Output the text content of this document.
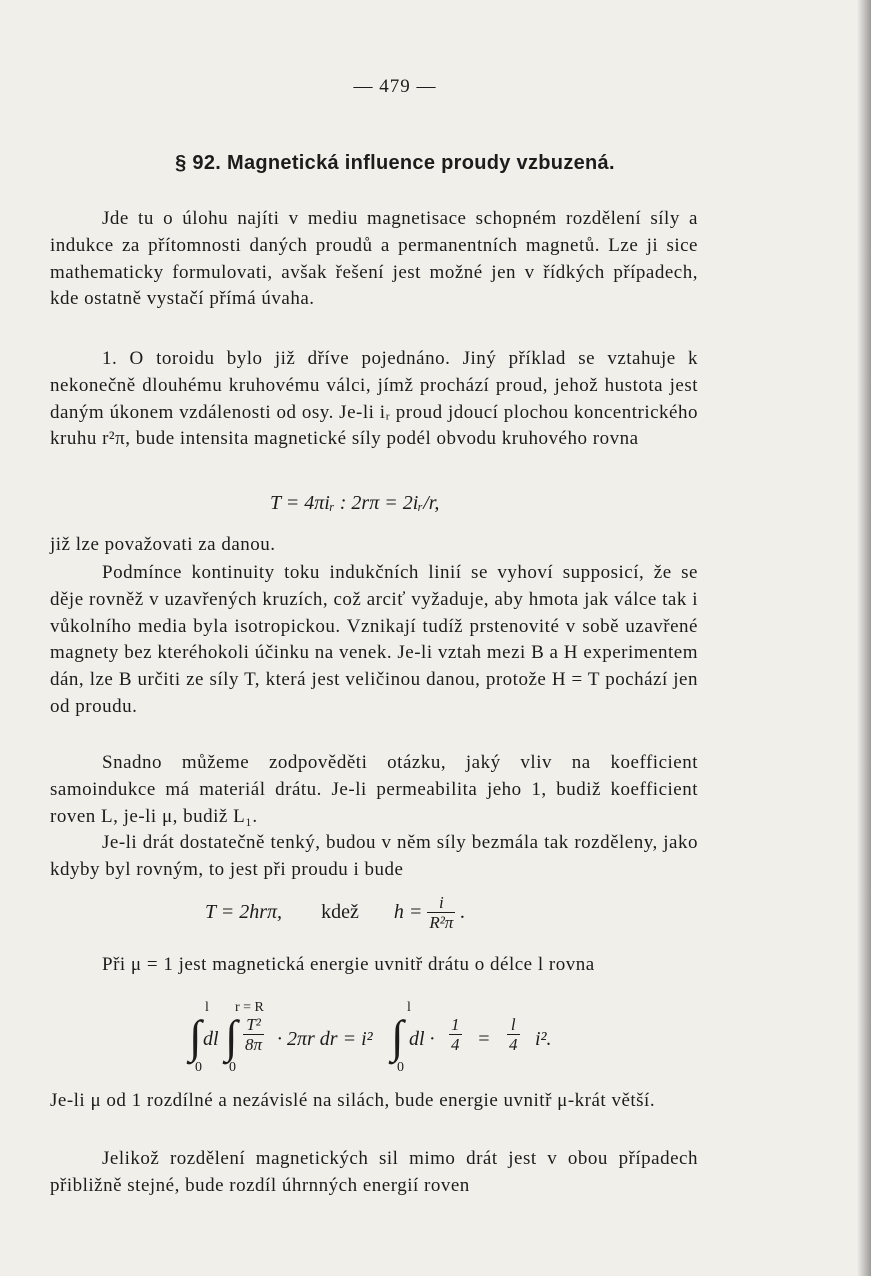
— 479 —
§ 92. Magnetická influence proudy vzbuzená.

Jde tu o úlohu najíti v mediu magnetisace schopném rozdělení síly a indukce za přítomnosti daných proudů a permanentních magnetů. Lze ji sice mathematicky formulovati, avšak řešení jest možné jen v řídkých případech, kde ostatně vystačí přímá úvaha.

1. O toroidu bylo již dříve pojednáno. Jiný příklad se vztahuje k nekonečně dlouhému kruhovému válci, jímž prochází proud, jehož hustota jest daným úkonem vzdálenosti od osy. Je-li iᵣ proud jdoucí plochou koncentrického kruhu r²π, bude intensita magnetické síly podél obvodu kruhového rovna

T = 4πiᵣ : 2rπ = 2iᵣ/r,

již lze považovati za danou.

Podmínce kontinuity toku indukčních linií se vyhoví supposicí, že se děje rovněž v uzavřených kruzích, což arciť vyžaduje, aby hmota jak válce tak i vůkolního media byla isotropickou. Vznikají tudíž prstenovité v sobě uzavřené magnety bez kteréhokoli účinku na venek. Je-li vztah mezi B a H experimentem dán, lze B určiti ze síly T, která jest veličinou danou, protože H = T pochází jen od proudu.

Snadno můžeme zodpověděti otázku, jaký vliv na koefficient samoindukce má materiál drátu. Je-li permeabilita jeho 1, budiž koefficient roven L, je-li μ, budiž L₁.

Je-li drát dostatečně tenký, budou v něm síly bezmála tak rozděleny, jako kdyby byl rovným, to jest při proudu i bude

T = 2hrπ, kdež $h = \frac{i}{\text{R²π}}$ .

Při μ = 1 jest magnetická energie uvnitř drátu o délce l rovna

l
∫
0
dl
r = R
∫
0
$\frac{\text{T²}}{8\pi} \cdot 2\pi r$ dr = i²
l
∫
0
dl · $\frac{1}{4} = \frac{l}{4} i^2$.

Je-li μ od 1 rozdílné a nezávislé na silách, bude energie uvnitř μ-krát větší.

Jelikož rozdělení magnetických sil mimo drát jest v obou případech přibližně stejné, bude rozdíl úhrnných energií roven
